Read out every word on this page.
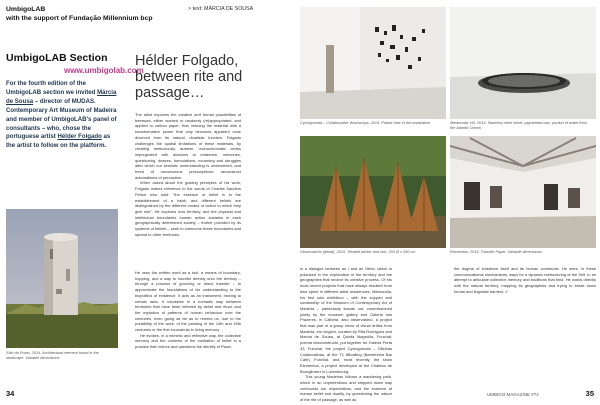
UmbigoLAB
with the support of Fundação Millennium bcp
> text: MÁRCIA DE SOUSA
UmbigoLAB Section
www.umbigolab.com
For the fourth edition of the UmbigoLAB section we invited Márcia de Sousa – director of MUDAS. Contemporary Art Museum of Madeira and member of UmbigoLAB's panel of consultants – who, chose the portuguese artist Hélder Folgado as the artist to follow on the platform.
Sítio do Posto, 2014. Architectural element found in the landscape. Variable dimensions
Hélder Folgado, between rite and passage…

The artist explores the creative and formal possibilities of beeswax, either worked or randomly (re)appropriated, and applied to carbon paper, thus imbuing the material with a transformative power that only becomes apparent once divorced from its natural, ritualistic function. Folgado challenges the spatial limitations of these materials, by creating meticulously austere, monochromatic works impregnated with allusions to existence, memories, questioning, desires, formulations, mourning and struggles after which our semiotic understanding is undermined, and freed of unconscious presumptions: deconstruct automatisms of perception.

When asked about the guiding principles of his work, Folgado makes reference to the words of Charles Sanders Peirce who said: "the essence of belief is in the establishment of a habit; and different beliefs are distinguished by the different modes of action to which they give rise". He explores how territory, and the physical and intellectual boundaries human action sustains in each geographically determined society – further provided by its systems of beliefs – seek to overcome these boundaries and spread to other territories.

He uses the written word as a tool, a means of boundary-hopping, and a way to inscribe directly onto the territory – through a process of grooving or direct transfer – to approximate the foundations of his understanding to the biopolitics of existence. It acts as an instrument, hewing to certain laws. It circulates in a nomadic way between territories that have been infected by belief and ritual, and the expiation of patterns of human behaviour over the centuries, even going as far as to remind us, due to the portability of the work, of the painting of the 14th and 15th centuries or the first incunabula in living memory.

He evokes, in a mimetic and reflective way, the collective memory and the contexts of the mediation of belief in a practice that mirrors and questions the identity of Place,

34
Cyclogonoda – Collaborative Workshops, 2014. Partial view of the installation	Melancolia VIII, 2014. Stainless steel sheet, pigmented wax, portion of water from the Atlantic Ocean
Observatório (detail), 2019. Treated wicker and iron. 200 Ø x 350 cm	Elementos, 2019. Transfer Paper. Variable dimensions

in a dialogue between an I and an Other, which is polarised in the exploration of the territory and the geographies that involve its creative process. Of his most recent projects that have always resulted from time spent in different artist residencies, Melancolia, his first solo exhibition – with the support and curatorship of the Museum of Contemporary Art of Madeira – particularly stands out, commissioned jointly by the museum gallery and Galeria dos Prazeres, in Calheta; also observatório, a project that was part of a group show of visual artists from Madeira, em vingem, curated by Rita Rodrigues and Márcia de Sousa, at Quinta Magnólia, Funchal; poema desconstruído, put together for Galeria Porta 33, Funchal; the project Cyclogonoda – Oficinas Colaborativas, at the T1 8Bcalling (Barreirinha Bar Café), Funchal, and, most recently, the show Elementos, a project developed at the Chateau de Bourglinster in Luxembourg.

This young Madeiran follows a wandering path, which in an unpretentious and stripped down way confounds our expectations, and the essence of human belief and duality, by questioning the nature of the rite of passage, as well as

the dogma of existence itself and its human constructs. He sees, in these communicational mechanisms, ways for a dynamic restructuring of the Self, in an attempt to articulate collective memory and traditions that bind. He works directly with the natural territory, mapping its geographies and trying to break down formal and linguistic barriers. //

UMBIGO MAGAZINE #72	35
